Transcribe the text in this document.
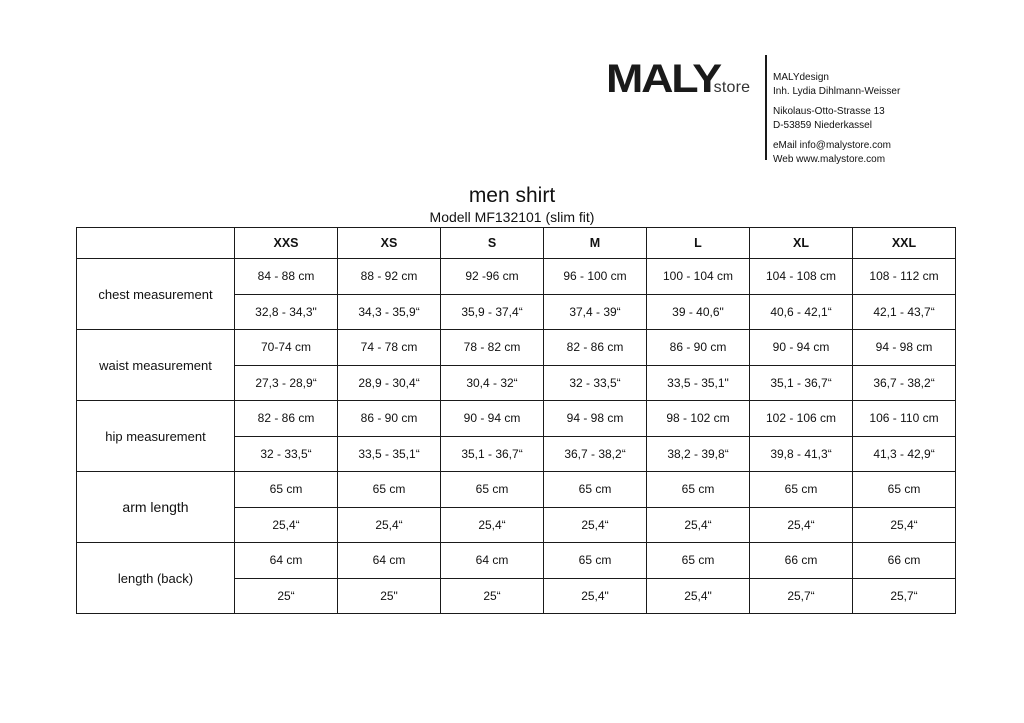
MALY
store
MALYdesign
Inh. Lydia Dihlmann-Weisser
Nikolaus-Otto-Strasse 13
D-53859 Niederkassel
eMail info@malystore.com
Web www.malystore.com
men shirt
Modell MF132101 (slim fit)
	XXS	XS	S	M	L	XL	XXL
chest measurement	84 - 88 cm	88 - 92 cm	92 -96 cm	96 - 100 cm	100 - 104 cm	104 - 108 cm	108 - 112 cm
	32,8 - 34,3"	34,3 - 35,9“	35,9 - 37,4“	37,4 - 39“	39 - 40,6"	40,6 - 42,1“	42,1 - 43,7“
waist measurement	70-74 cm	74 - 78 cm	78 - 82 cm	82 - 86 cm	86 - 90 cm	90 - 94 cm	94 - 98 cm
	27,3 - 28,9“	28,9 - 30,4“	30,4 - 32“	32 - 33,5“	33,5 - 35,1"	35,1 - 36,7“	36,7 - 38,2“
hip measurement	82 - 86 cm	86 - 90 cm	90 - 94 cm	94 - 98 cm	98 - 102 cm	102 - 106 cm	106 - 110 cm
	32 - 33,5“	33,5 - 35,1“	35,1 - 36,7“	36,7 - 38,2“	38,2 - 39,8“	39,8 - 41,3“	41,3 - 42,9“
arm length	65 cm	65 cm	65 cm	65 cm	65 cm	65 cm	65 cm
	25,4“	25,4“	25,4“	25,4“	25,4“	25,4“	25,4“
length (back)	64 cm	64 cm	64 cm	65 cm	65 cm	66 cm	66 cm
	25“	25"	25“	25,4"	25,4"	25,7“	25,7“
